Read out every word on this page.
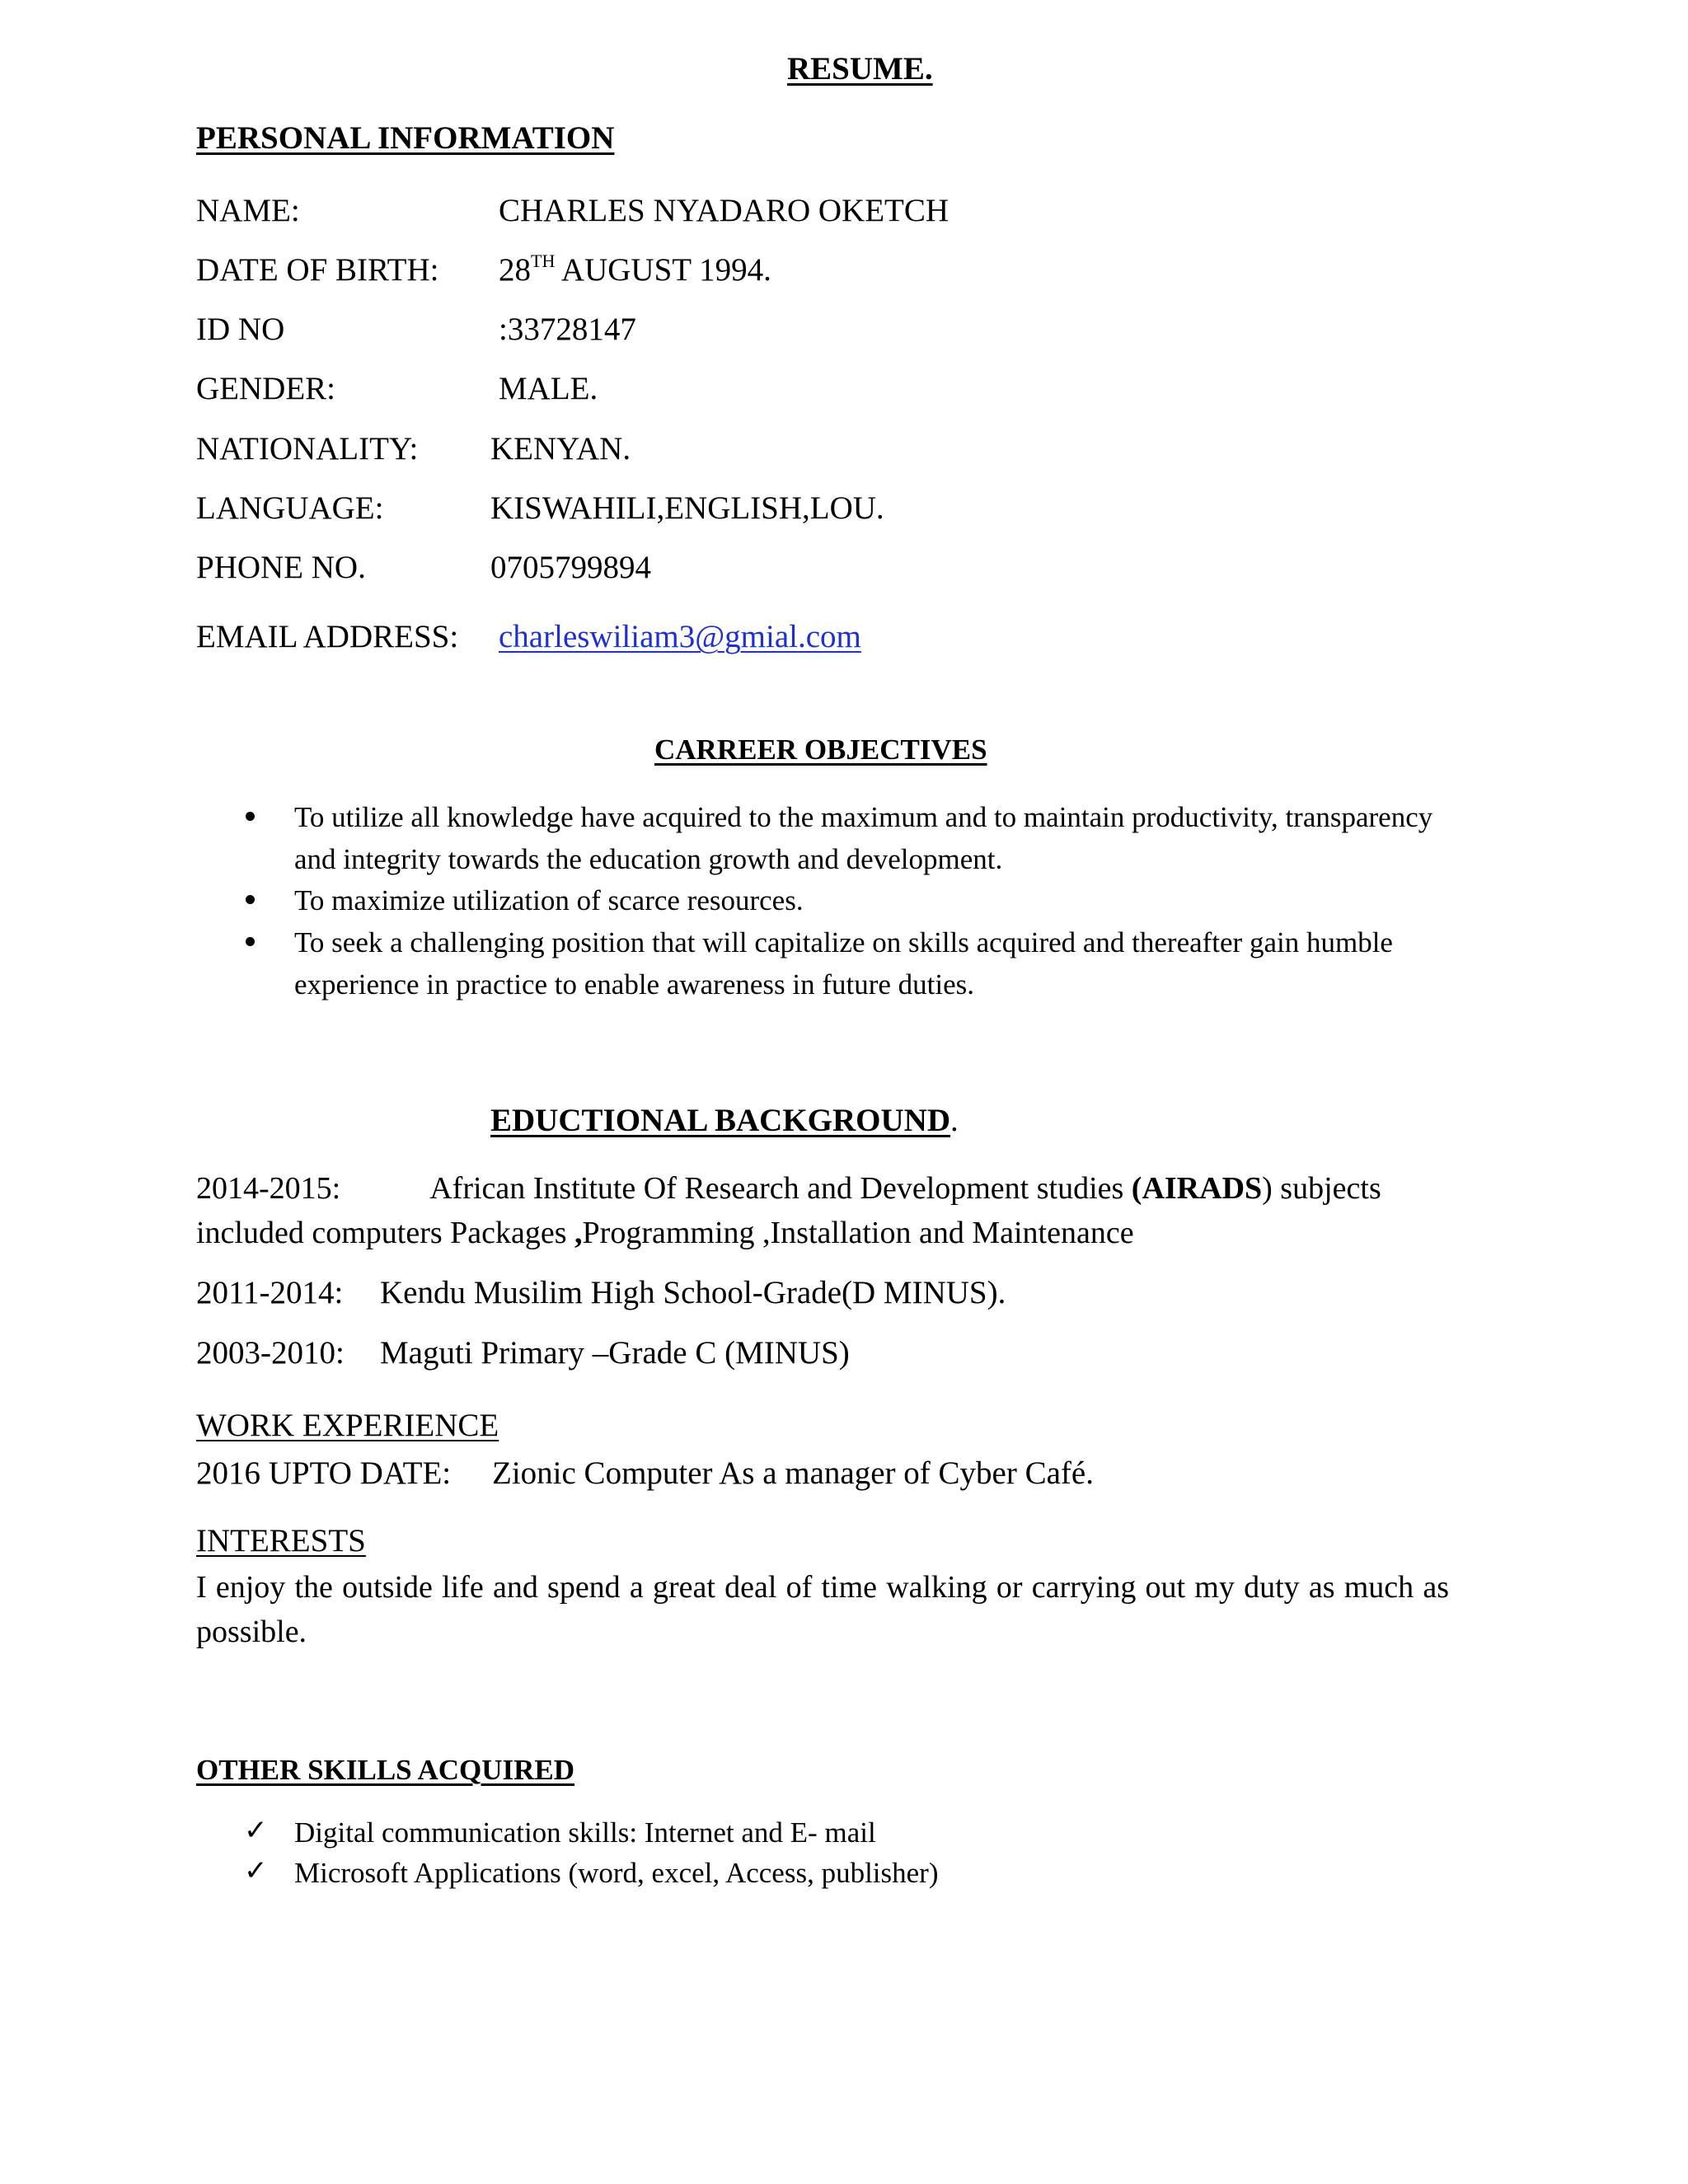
RESUME.
PERSONAL INFORMATION
NAME:	CHARLES NYADARO OKETCH
DATE OF BIRTH: 28TH AUGUST 1994.
ID NO	:33728147
GENDER:	MALE.
NATIONALITY: KENYAN.
LANGUAGE:	KISWAHILI,ENGLISH,LOU.
PHONE NO.	0705799894
EMAIL ADDRESS: charleswiliam3@gmial.com
CARREER OBJECTIVES
To utilize all knowledge have acquired to the maximum and to maintain productivity, transparency and integrity towards the education growth and development.
To maximize utilization of scarce resources.
To seek a challenging position that will capitalize on skills acquired and thereafter gain humble experience in practice to enable awareness in future duties.
EDUCTIONAL BACKGROUND.
2014-2015:	African Institute Of Research and Development studies (AIRADS) subjects included computers Packages ,Programming ,Installation and Maintenance
2011-2014: Kendu Musilim High School-Grade(D MINUS).
2003-2010: Maguti Primary –Grade C (MINUS)
WORK EXPERIENCE
2016 UPTO DATE: Zionic Computer As a manager of Cyber Café.
INTERESTS
I enjoy the outside life and spend a great deal of time walking or carrying out my duty as much as possible.
OTHER SKILLS ACQUIRED
✓ Digital communication skills: Internet and E- mail
✓ Microsoft Applications (word, excel, Access, publisher)
